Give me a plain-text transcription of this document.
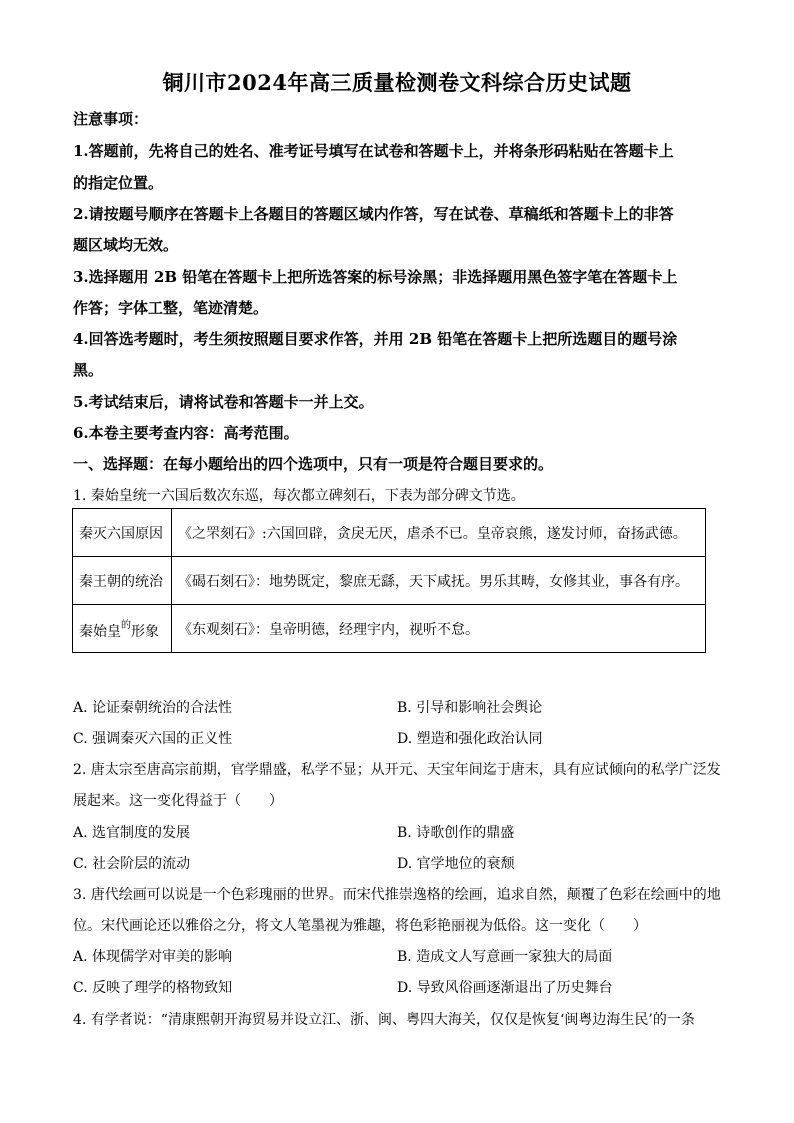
铜川市2024年高三质量检测卷文科综合历史试题
注意事项：
1.答题前，先将自己的姓名、准考证号填写在试卷和答题卡上，并将条形码粘贴在答题卡上
的指定位置。
2.请按题号顺序在答题卡上各题目的答题区域内作答，写在试卷、草稿纸和答题卡上的非答
题区域均无效。
3.选择题用 2B 铅笔在答题卡上把所选答案的标号涂黑；非选择题用黑色签字笔在答题卡上
作答；字体工整，笔迹清楚。
4.回答选考题时，考生须按照题目要求作答，并用 2B 铅笔在答题卡上把所选题目的题号涂
黑。
5.考试结束后，请将试卷和答题卡一并上交。
6.本卷主要考查内容：高考范围。
一、选择题：在每小题给出的四个选项中，只有一项是符合题目要求的。
1. 秦始皇统一六国后数次东巡，每次都立碑刻石，下表为部分碑文节选。
秦灭六国原因	《之罘刻石》:六国回辟，贪戾无厌，虐杀不已。皇帝哀熊，遂发讨师，奋扬武德。
秦王朝的统治	《碣石刻石》：地势既定，黎庶无繇，天下咸抚。男乐其畴，女修其业，事各有序。
秦始皇$^的$形象	《东观刻石》：皇帝明德，经理宇内，视听不怠。
A. 论证秦朝统治的合法性	B. 引导和影响社会舆论
C. 强调秦灭六国的正义性	D. 塑造和强化政治认同
2. 唐太宗至唐高宗前期，官学鼎盛，私学不显；从开元、天宝年间迄于唐末，具有应试倾向的私学广泛发
展起来。这一变化得益于（　　）
A. 选官制度的发展	B. 诗歌创作的鼎盛
C. 社会阶层的流动	D. 官学地位的衰颓
3. 唐代绘画可以说是一个色彩瑰丽的世界。而宋代推崇逸格的绘画，追求自然，颠覆了色彩在绘画中的地
位。宋代画论还以雅俗之分，将文人笔墨视为雅趣，将色彩艳丽视为低俗。这一变化（　　）
A. 体现儒学对审美的影响	B. 造成文人写意画一家独大的局面
C. 反映了理学的格物致知	D. 导致风俗画逐渐退出了历史舞台
4. 有学者说：“清康熙朝开海贸易并设立江、浙、闽、粤四大海关，仅仅是恢复‘闽粤边海生民’的一条
